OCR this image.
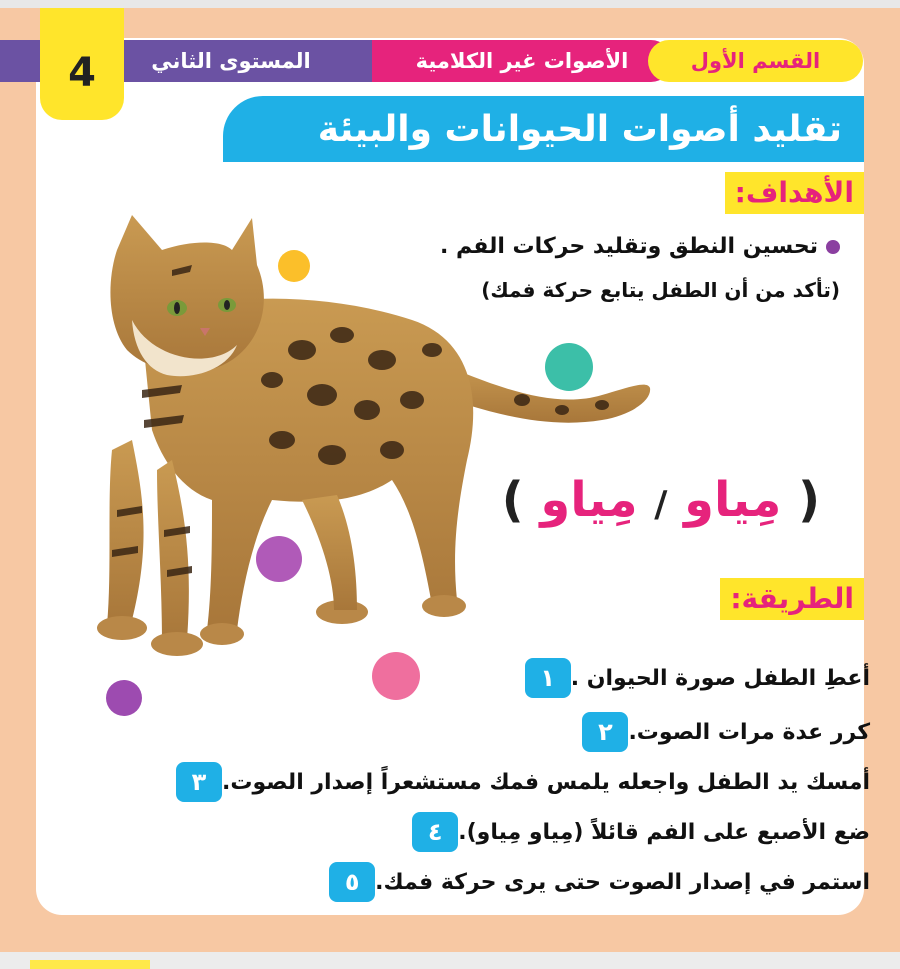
المستوى الثاني	الأصوات غير الكلامية	القسم الأول
4
تقليد أصوات الحيوانات والبيئة
الأهداف:
تحسين النطق وتقليد حركات الفم .
(تأكد من أن الطفل يتابع حركة فمك)
( مِياو / مِياو )
الطريقة:
١ أعطِ الطفل صورة الحيوان .
٢ كرر عدة مرات الصوت.
٣ أمسك يد الطفل واجعله يلمس فمك مستشعراً إصدار الصوت.
٤ ضع الأصبع على الفم قائلاً (مِياو مِياو).
٥ استمر في إصدار الصوت حتى يرى حركة فمك.
